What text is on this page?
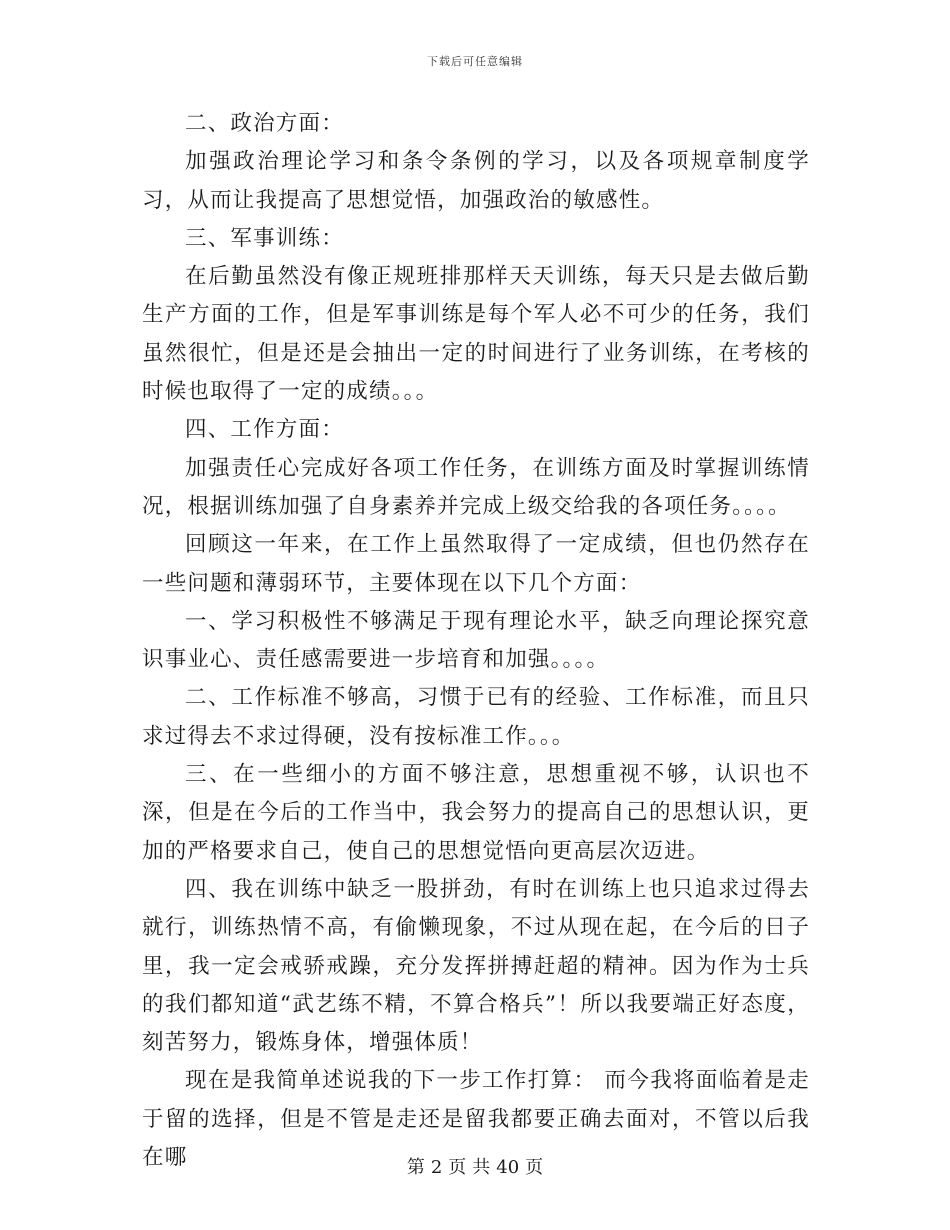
下载后可任意编辑

二、政治方面：

加强政治理论学习和条令条例的学习，以及各项规章制度学习，从而让我提高了思想觉悟，加强政治的敏感性。

三、军事训练：

在后勤虽然没有像正规班排那样天天训练，每天只是去做后勤生产方面的工作，但是军事训练是每个军人必不可少的任务，我们虽然很忙，但是还是会抽出一定的时间进行了业务训练，在考核的时候也取得了一定的成绩。。。

四、工作方面：

加强责任心完成好各项工作任务，在训练方面及时掌握训练情况，根据训练加强了自身素养并完成上级交给我的各项任务。。。。

回顾这一年来，在工作上虽然取得了一定成绩，但也仍然存在一些问题和薄弱环节，主要体现在以下几个方面：

一、学习积极性不够满足于现有理论水平，缺乏向理论探究意识事业心、责任感需要进一步培育和加强。。。。

二、工作标准不够高，习惯于已有的经验、工作标准，而且只求过得去不求过得硬，没有按标准工作。。。

三、在一些细小的方面不够注意，思想重视不够，认识也不深，但是在今后的工作当中，我会努力的提高自己的思想认识，更加的严格要求自己，使自己的思想觉悟向更高层次迈进。

四、我在训练中缺乏一股拼劲，有时在训练上也只追求过得去就行，训练热情不高，有偷懒现象，不过从现在起，在今后的日子里，我一定会戒骄戒躁，充分发挥拼搏赶超的精神。因为作为士兵的我们都知道“武艺练不精，不算合格兵”！所以我要端正好态度，刻苦努力，锻炼身体，增强体质！

现在是我简单述说我的下一步工作打算： 而今我将面临着是走于留的选择，但是不管是走还是留我都要正确去面对，不管以后我在哪	第 2 页 共 40 页
